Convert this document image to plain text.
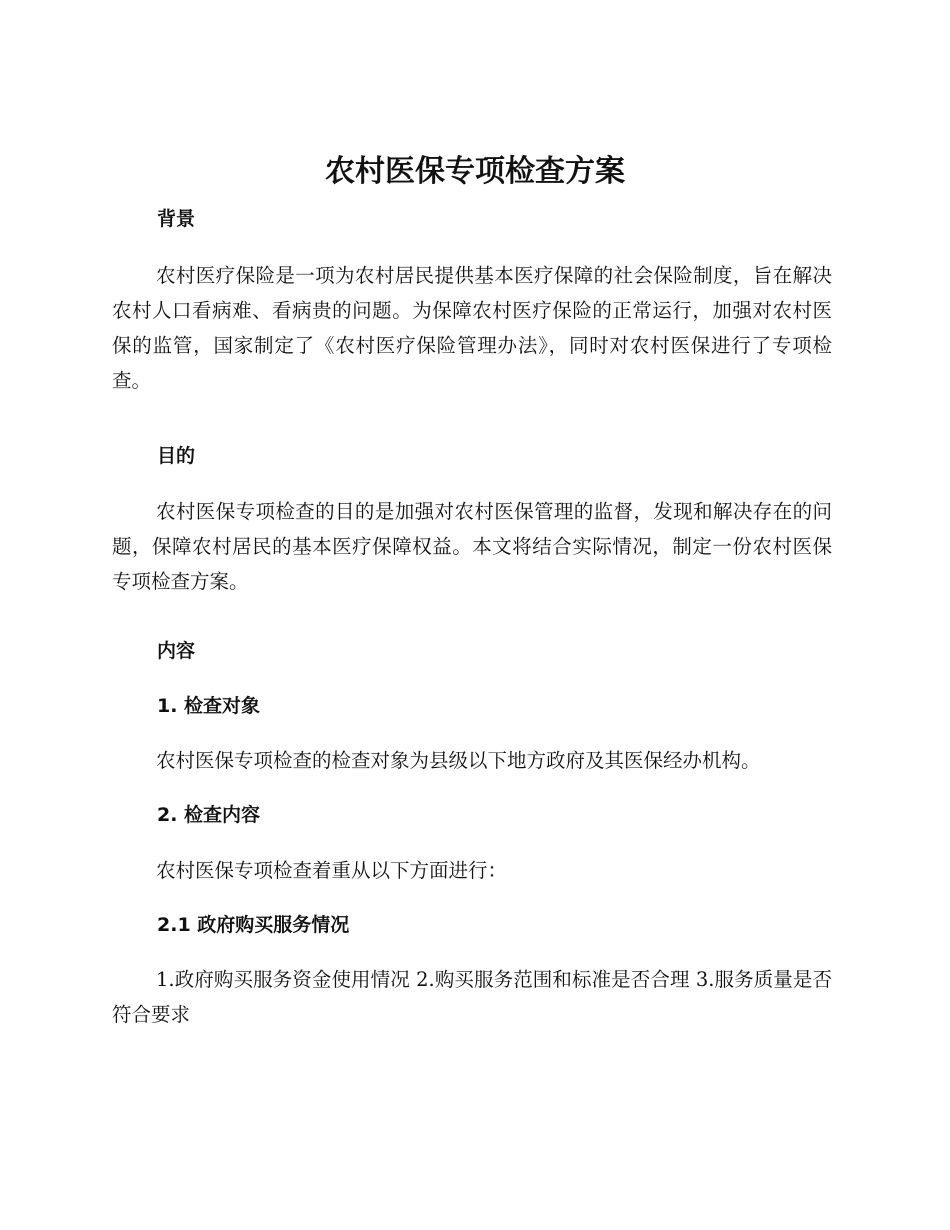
农村医保专项检查方案
背景

农村医疗保险是一项为农村居民提供基本医疗保障的社会保险制度，旨在解决农村人口看病难、看病贵的问题。为保障农村医疗保险的正常运行，加强对农村医保的监管，国家制定了《农村医疗保险管理办法》，同时对农村医保进行了专项检查。

目的

农村医保专项检查的目的是加强对农村医保管理的监督，发现和解决存在的问题，保障农村居民的基本医疗保障权益。本文将结合实际情况，制定一份农村医保专项检查方案。

内容
1. 检查对象

农村医保专项检查的检查对象为县级以下地方政府及其医保经办机构。

2. 检查内容

农村医保专项检查着重从以下方面进行：

2.1 政府购买服务情况

1.政府购买服务资金使用情况 2.购买服务范围和标准是否合理 3.服务质量是否符合要求
